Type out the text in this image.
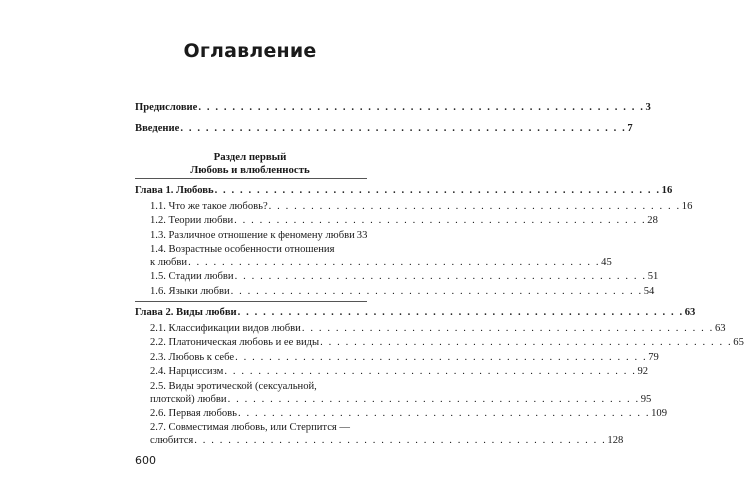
Оглавление
Предисловие . . . . . . . . . . . . . . . . . . . . . . . . . . . . . . . . . . . . . . . . . . . . . . . . . . . . . 3
Введение . . . . . . . . . . . . . . . . . . . . . . . . . . . . . . . . . . . . . . . . . . . . . . . . . . . . . 7
Раздел первый
Любовь и влюбленность
Глава 1. Любовь . . . . . . . . . . . . . . . . . . . . . . . . . . . . . . . . . . . . . . . . . . . . . . . . . . . . . 16
1.1. Что же такое любовь? . . . . . . . . . . . . . . . . . . . . . . . . . . . . . . . . . . . . . . . . . . . . . . . . . 16
1.2. Теории любви . . . . . . . . . . . . . . . . . . . . . . . . . . . . . . . . . . . . . . . . . . . . . . . . . 28
1.3. Различное отношение к феномену любви 33
1.4. Возрастные особенности отношения
к любви . . . . . . . . . . . . . . . . . . . . . . . . . . . . . . . . . . . . . . . . . . . . . . . . . 45
1.5. Стадии любви . . . . . . . . . . . . . . . . . . . . . . . . . . . . . . . . . . . . . . . . . . . . . . . . . 51
1.6. Языки любви . . . . . . . . . . . . . . . . . . . . . . . . . . . . . . . . . . . . . . . . . . . . . . . . . 54
Глава 2. Виды любви . . . . . . . . . . . . . . . . . . . . . . . . . . . . . . . . . . . . . . . . . . . . . . . . . . . . . 63
2.1. Классификации видов любви . . . . . . . . . . . . . . . . . . . . . . . . . . . . . . . . . . . . . . . . . . . . . . . . . 63
2.2. Платоническая любовь и ее виды . . . . . . . . . . . . . . . . . . . . . . . . . . . . . . . . . . . . . . . . . . . . . . . . . 65
2.3. Любовь к себе . . . . . . . . . . . . . . . . . . . . . . . . . . . . . . . . . . . . . . . . . . . . . . . . . 79
2.4. Нарциссизм . . . . . . . . . . . . . . . . . . . . . . . . . . . . . . . . . . . . . . . . . . . . . . . . . 92
2.5. Виды эротической (сексуальной,
плотской) любви . . . . . . . . . . . . . . . . . . . . . . . . . . . . . . . . . . . . . . . . . . . . . . . . . 95
2.6. Первая любовь . . . . . . . . . . . . . . . . . . . . . . . . . . . . . . . . . . . . . . . . . . . . . . . . . 109
2.7. Совместимая любовь, или Стерпится —
слюбится . . . . . . . . . . . . . . . . . . . . . . . . . . . . . . . . . . . . . . . . . . . . . . . . . 128
600
